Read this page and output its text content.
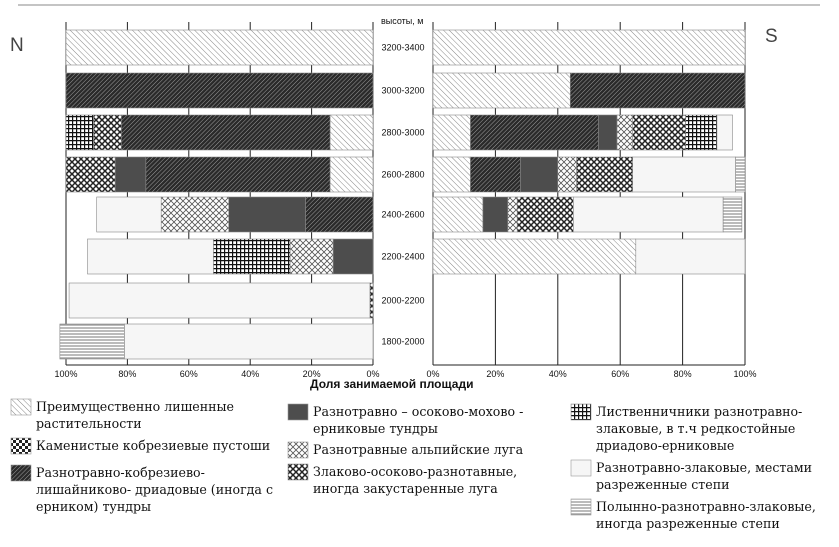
N	S
высоты, м
3200-3400
3000-3200
2800-3000
2600-2800
2400-2600
2200-2400
2000-2200
1800-2000
100%	80%	60%	40%	20%	0%	0%	20%	40%	60%	80%	100%
Доля занимаемой площади
Преимущественно лишенные
растительности
Каменистые кобрезиевые пустоши
Разнотравно-кобрезиево-
лишайниково- дриадовые (иногда с
ерником) тундры
Разнотравно – осоково-мохово -
ерниковые тундры
Разнотравные альпийские луга
Злаково-осоково-разнотавные,
иногда закустаренные луга
Лиственничники разнотравно-
злаковые, в т.ч редкостойные
дриадово-ерниковые
Разнотравно-злаковые, местами
разреженные степи
Полынно-разнотравно-злаковые,
иногда разреженные степи
